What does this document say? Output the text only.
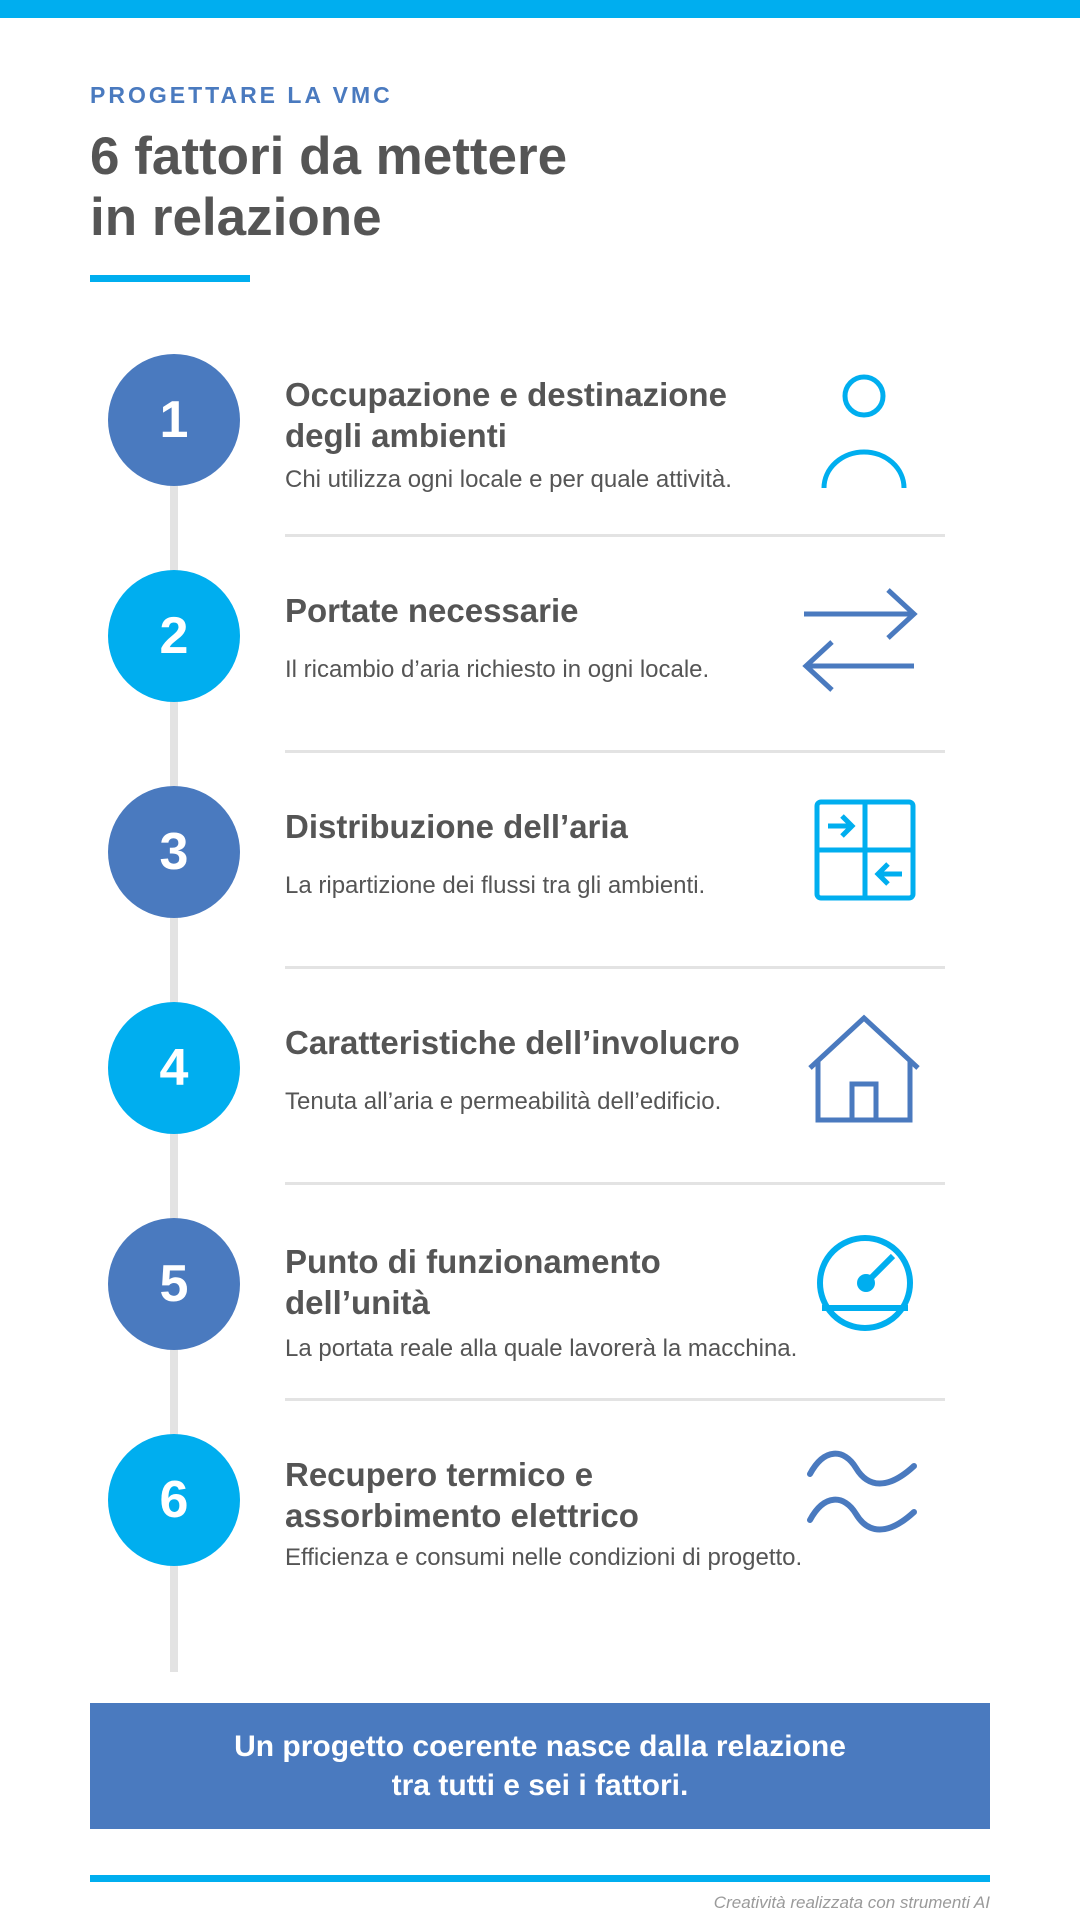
PROGETTARE LA VMC
6 fattori da mettere
in relazione
1	Occupazione e destinazione
degli ambienti
Chi utilizza ogni locale e per quale attività.
2	Portate necessarie
Il ricambio d’aria richiesto in ogni locale.
3	Distribuzione dell’aria
La ripartizione dei flussi tra gli ambienti.
4	Caratteristiche dell’involucro
Tenuta all’aria e permeabilità dell’edificio.
5	Punto di funzionamento
dell’unità
La portata reale alla quale lavorerà la macchina.
6	Recupero termico e
assorbimento elettrico
Efficienza e consumi nelle condizioni di progetto.
Un progetto coerente nasce dalla relazione
tra tutti e sei i fattori.
Creatività realizzata con strumenti AI
